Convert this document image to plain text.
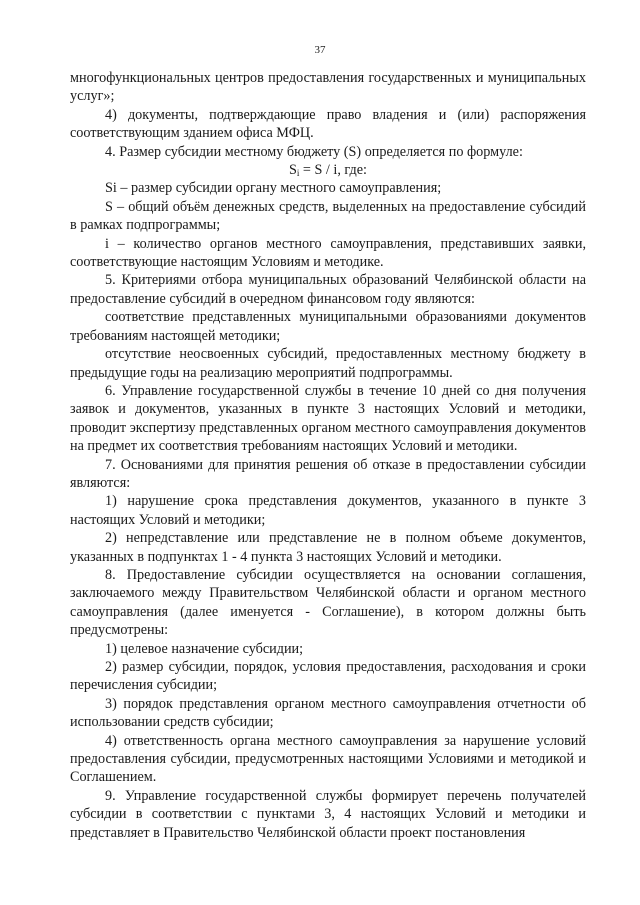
37

многофункциональных центров предоставления государственных и муниципальных услуг»;

4) документы, подтверждающие право владения и (или) распоряжения соответствующим зданием офиса МФЦ.

4. Размер субсидии местному бюджету (S) определяется по формуле:

$S_i = S / i$, где:

Si – размер субсидии органу местного самоуправления;

S – общий объём денежных средств, выделенных на предоставление субсидий в рамках подпрограммы;

i – количество органов местного самоуправления, представивших заявки, соответствующие настоящим Условиям и методике.

5. Критериями отбора муниципальных образований Челябинской области на предоставление субсидий в очередном финансовом году являются:

соответствие представленных муниципальными образованиями документов требованиям настоящей методики;

отсутствие неосвоенных субсидий, предоставленных местному бюджету в предыдущие годы на реализацию мероприятий подпрограммы.

6. Управление государственной службы в течение 10 дней со дня получения заявок и документов, указанных в пункте 3 настоящих Условий и методики, проводит экспертизу представленных органом местного самоуправления документов на предмет их соответствия требованиям настоящих Условий и методики.

7. Основаниями для принятия решения об отказе в предоставлении субсидии являются:

1) нарушение срока представления документов, указанного в пункте 3 настоящих Условий и методики;

2) непредставление или представление не в полном объеме документов, указанных в подпунктах 1 - 4 пункта 3 настоящих Условий и методики.

8. Предоставление субсидии осуществляется на основании соглашения, заключаемого между Правительством Челябинской области и органом местного самоуправления (далее именуется - Соглашение), в котором должны быть предусмотрены:

1) целевое назначение субсидии;

2) размер субсидии, порядок, условия предоставления, расходования и сроки перечисления субсидии;

3) порядок представления органом местного самоуправления отчетности об использовании средств субсидии;

4) ответственность органа местного самоуправления за нарушение условий предоставления субсидии, предусмотренных настоящими Условиями и методикой и Соглашением.

9. Управление государственной службы формирует перечень получателей субсидии в соответствии с пунктами 3, 4 настоящих Условий и методики и представляет в Правительство Челябинской области проект постановления
